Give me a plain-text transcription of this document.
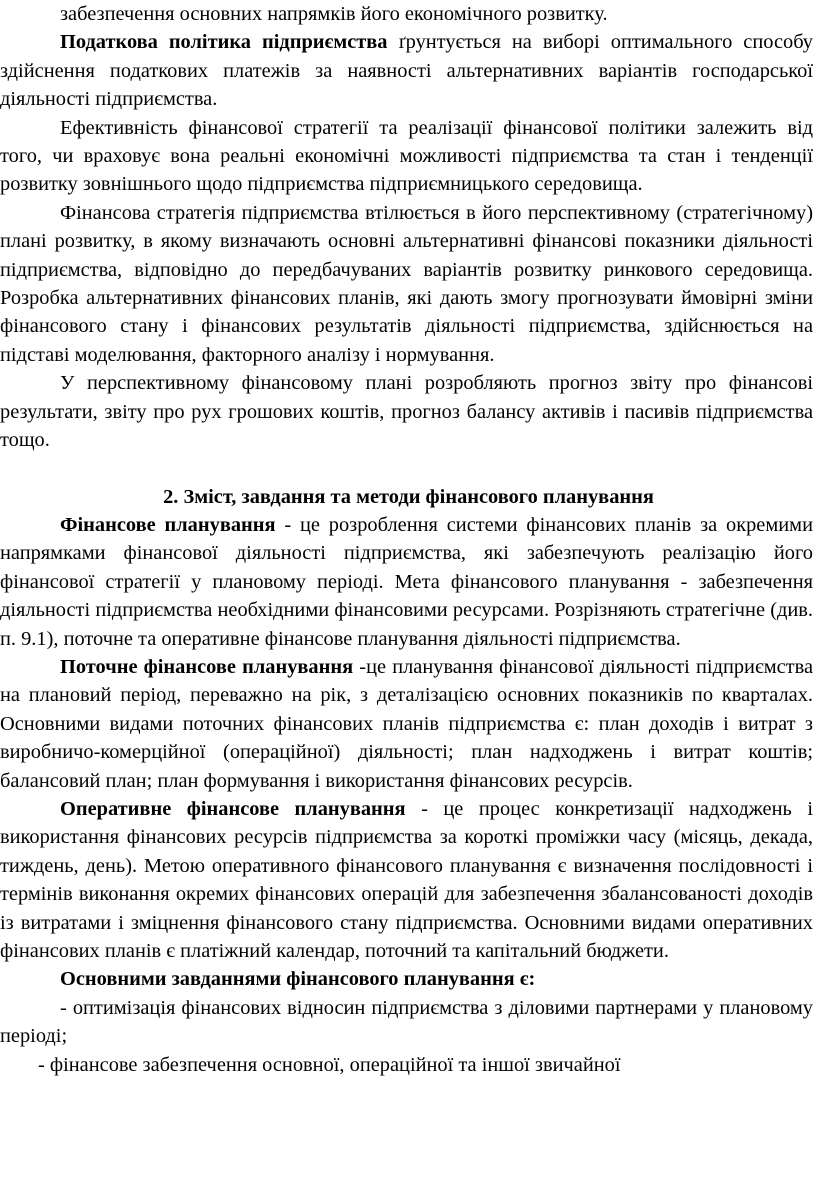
забезпечення основних напрямків його економічного розвитку.

Податкова політика підприємства ґрунтується на виборі оптимального способу здійснення податкових платежів за наявності альтернативних варіантів господарської діяльності підприємства.

Ефективність фінансової стратегії та реалізації фінансової політики залежить від того, чи враховує вона реальні економічні можливості підприємства та стан і тенденції розвитку зовнішнього щодо підприємства підприємницького середовища.

Фінансова стратегія підприємства втілюється в його перспективному (стратегічному) плані розвитку, в якому визначають основні альтернативні фінансові показники діяльності підприємства, відповідно до передбачуваних варіантів розвитку ринкового середовища. Розробка альтернативних фінансових планів, які дають змогу прогнозувати ймовірні зміни фінансового стану і фінансових результатів діяльності підприємства, здійснюється на підставі моделювання, факторного аналізу і нормування.

У перспективному фінансовому плані розробляють прогноз звіту про фінансові результати, звіту про рух грошових коштів, прогноз балансу активів і пасивів підприємства тощо.

2. Зміст, завдання та методи фінансового планування

Фінансове планування - це розроблення системи фінансових планів за окремими напрямками фінансової діяльності підприємства, які забезпечують реалізацію його фінансової стратегії у плановому періоді. Мета фінансового планування - забезпечення діяльності підприємства необхідними фінансовими ресурсами. Розрізняють стратегічне (див. п. 9.1), поточне та оперативне фінансове планування діяльності підприємства.

Поточне фінансове планування -це планування фінансової діяльності підприємства на плановий період, переважно на рік, з деталізацією основних показників по кварталах. Основними видами поточних фінансових планів підприємства є: план доходів і витрат з виробничо-комерційної (операційної) діяльності; план надходжень і витрат коштів; балансовий план; план формування і використання фінансових ресурсів.

Оперативне фінансове планування - це процес конкретизації надходжень і використання фінансових ресурсів підприємства за короткі проміжки часу (місяць, декада, тиждень, день). Метою оперативного фінансового планування є визначення послідовності і термінів виконання окремих фінансових операцій для забезпечення збалансованості доходів із витратами і зміцнення фінансового стану підприємства. Основними видами оперативних фінансових планів є платіжний календар, поточний та капітальний бюджети.

Основними завданнями фінансового планування є:

- оптимізація фінансових відносин підприємства з діловими партнерами у плановому періоді;

- фінансове забезпечення основної, операційної та іншої звичайної
